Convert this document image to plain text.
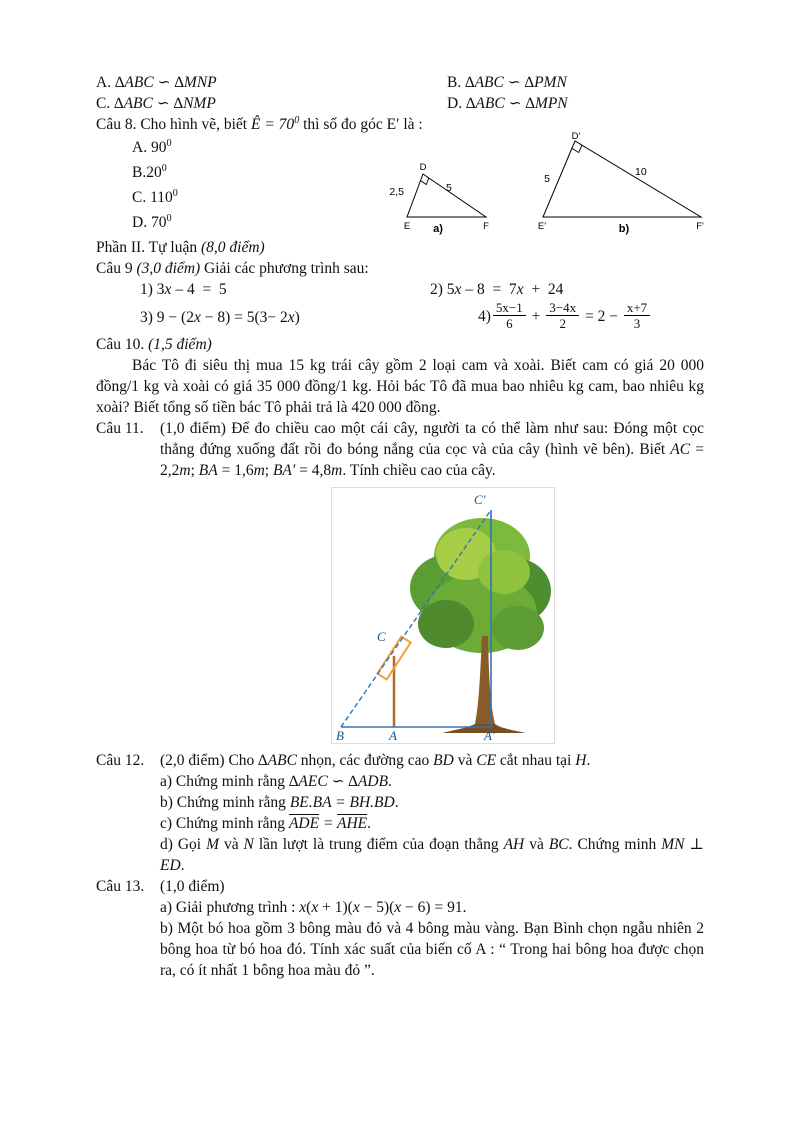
A. ∆ABC ∽ ∆MNP	B. ∆ABC ∽ ∆PMN
C. ∆ABC ∽ ∆NMP	D. ∆ABC ∽ ∆MPN
Câu 8. Cho hình vẽ, biết Ê = $70^0$ thì số đo góc E′ là :
A. $90^0$
$B.20^0$
C. $110^0$
D. $70^0$
D
2,5	5
E	F
a)
D'
5
10
E'	F'
b)
Phần II. Tự luận (8,0 điểm)
Câu 9 (3,0 điểm) Giải các phương trình sau:
1) 3x – 4  =  5	2) 5x – 8  =  7x  +  24
3) 9 − (2x − 8) = 5(3− 2x)	$4) \frac{5x-1}{6} + \frac{3-4x}{2} = 2 - \frac{x+7}{3}$
Câu 10. (1,5 điểm)
Bác Tô đi siêu thị mua 15 kg trái cây gồm 2 loại cam và xoài. Biết cam có giá 20 000 đồng/1 kg và xoài có giá 35 000 đồng/1 kg. Hỏi bác Tô đã mua bao nhiêu kg cam, bao nhiêu kg xoài? Biết tổng số tiền bác Tô phải trả là 420 000 đồng.
Câu 11.	(1,0 điểm) Để đo chiều cao một cái cây, người ta có thể làm như sau: Đóng một cọc thẳng đứng xuống đất rồi đo bóng nắng của cọc và của cây (hình vẽ bên). Biết AC = 2,2m; BA = 1,6m; BA′ = 4,8m. Tính chiều cao của cây.
C'
C
B	A	A'
Câu 12.	(2,0 điểm) Cho ∆ABC nhọn, các đường cao BD và CE cắt nhau tại H.
a) Chứng minh rằng ∆AEC ∽ ∆ADB.
b) Chứng minh rằng BE.BA = BH.BD.
c) Chứng minh rằng $\overline{ADE} = \overline{AHE}$.
d) Gọi M và N lần lượt là trung điểm của đoạn thẳng AH và BC. Chứng minh MN ⊥ ED.
Câu 13.	(1,0 điểm)
a) Giải phương trình : x(x + 1)(x − 5)(x − 6) = 91.
b) Một bó hoa gồm 3 bông màu đỏ và 4 bông màu vàng. Bạn Bình chọn ngẫu nhiên 2 bông hoa từ bó hoa đó. Tính xác suất của biến cố A : “ Trong hai bông hoa được chọn ra, có ít nhất 1 bông hoa màu đỏ ”.
